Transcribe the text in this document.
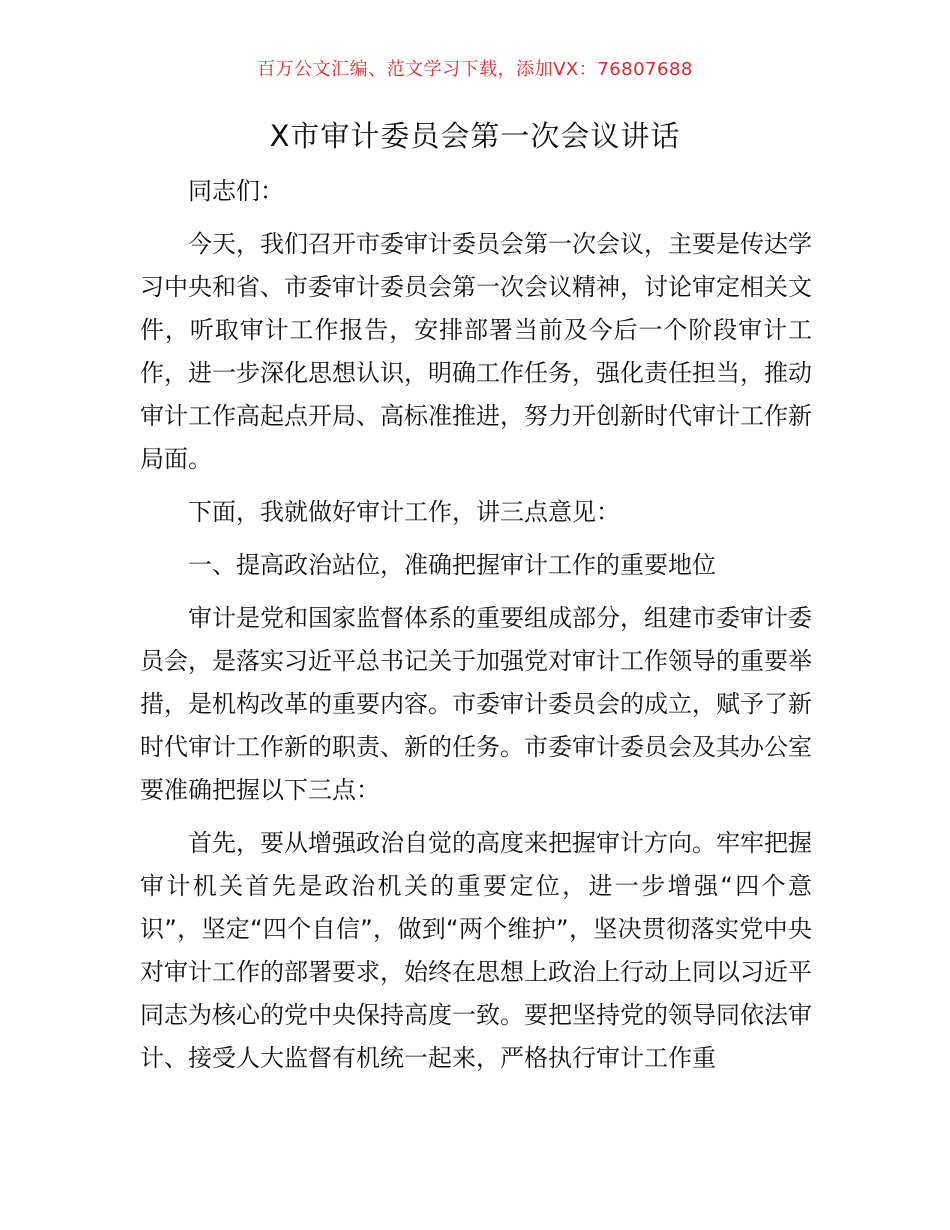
百万公文汇编、范文学习下载，添加VX：76807688
X市审计委员会第一次会议讲话

同志们：

今天，我们召开市委审计委员会第一次会议，主要是传达学习中央和省、市委审计委员会第一次会议精神，讨论审定相关文件，听取审计工作报告，安排部署当前及今后一个阶段审计工作，进一步深化思想认识，明确工作任务，强化责任担当，推动审计工作高起点开局、高标准推进，努力开创新时代审计工作新局面。

下面，我就做好审计工作，讲三点意见：

一、提高政治站位，准确把握审计工作的重要地位

审计是党和国家监督体系的重要组成部分，组建市委审计委员会，是落实习近平总书记关于加强党对审计工作领导的重要举措，是机构改革的重要内容。市委审计委员会的成立，赋予了新时代审计工作新的职责、新的任务。市委审计委员会及其办公室要准确把握以下三点：

首先，要从增强政治自觉的高度来把握审计方向。牢牢把握审计机关首先是政治机关的重要定位，进一步增强“四个意识”，坚定“四个自信”，做到“两个维护”，坚决贯彻落实党中央对审计工作的部署要求，始终在思想上政治上行动上同以习近平同志为核心的党中央保持高度一致。要把坚持党的领导同依法审计、接受人大监督有机统一起来，严格执行审计工作重
